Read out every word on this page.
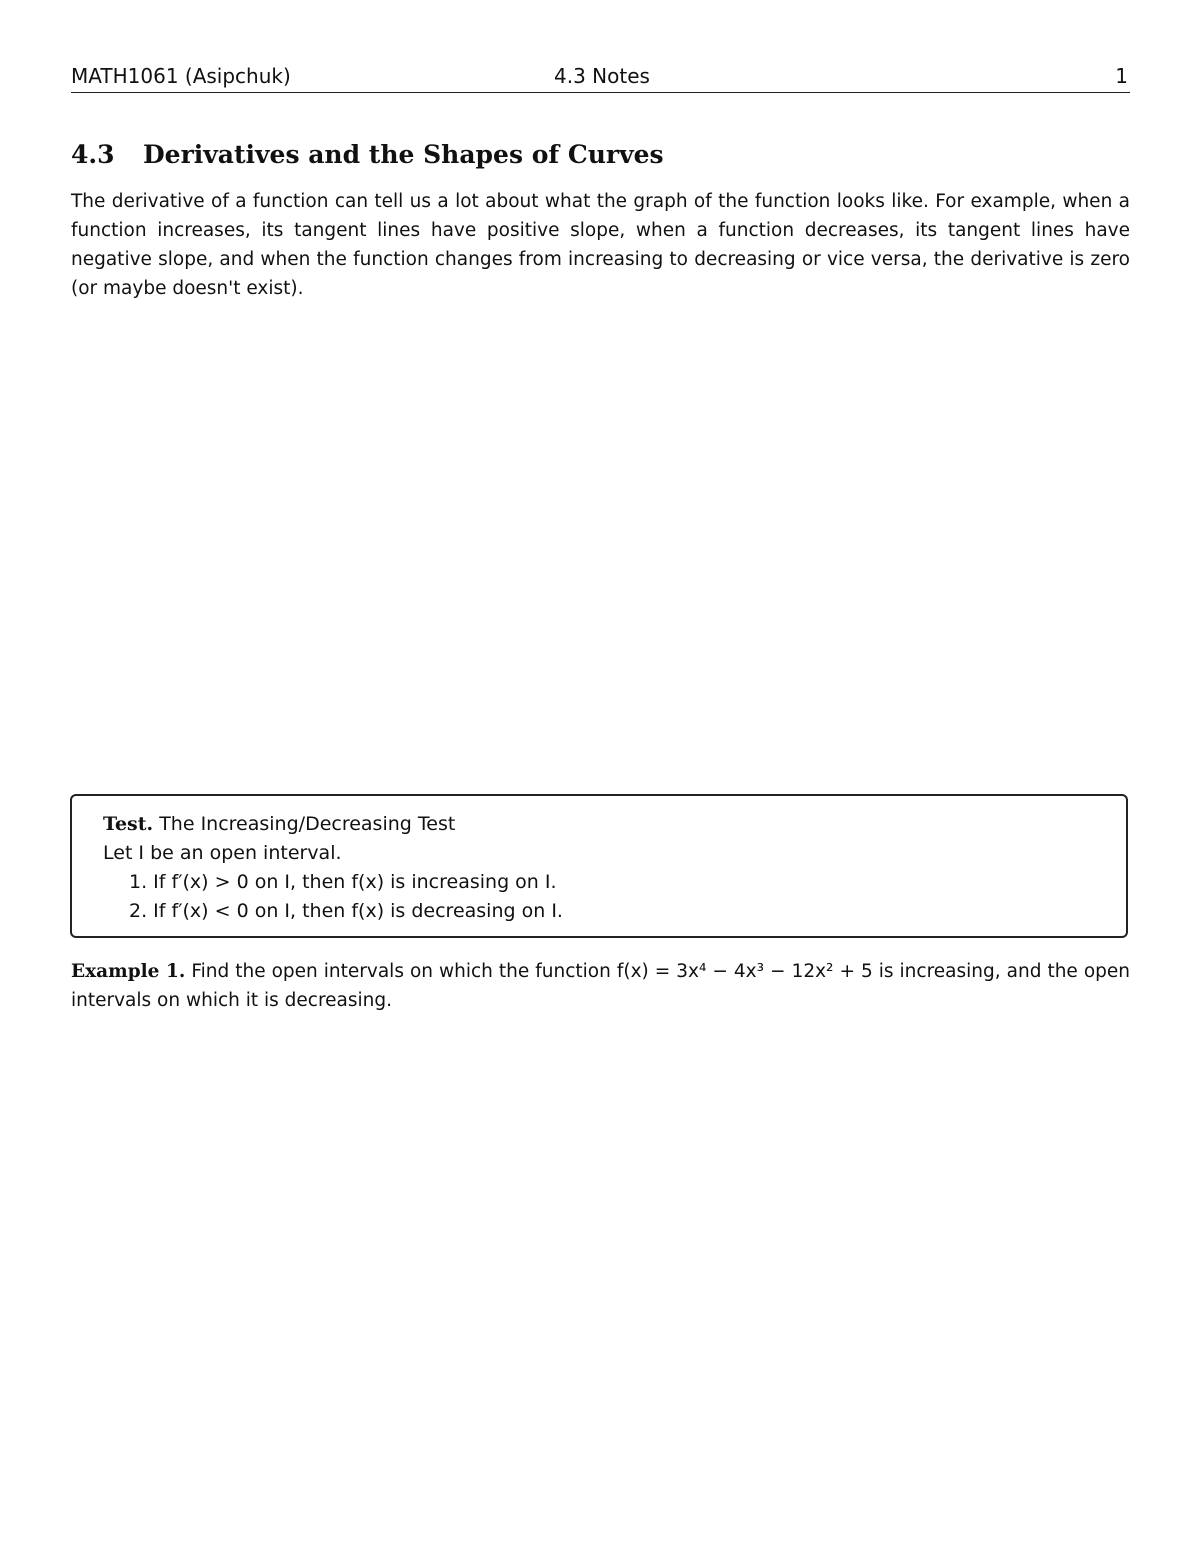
MATH1061 (Asipchuk)	4.3 Notes	1
4.3 Derivatives and the Shapes of Curves

The derivative of a function can tell us a lot about what the graph of the function looks like. For example, when a function increases, its tangent lines have positive slope, when a function decreases, its tangent lines have negative slope, and when the function changes from increasing to decreasing or vice versa, the derivative is zero (or maybe doesn't exist).

Test. The Increasing/Decreasing Test
Let I be an open interval.
1. If f′(x) > 0 on I, then f(x) is increasing on I.
2. If f′(x) < 0 on I, then f(x) is decreasing on I.

Example 1. Find the open intervals on which the function f(x) = 3x⁴ − 4x³ − 12x² + 5 is increasing, and the open intervals on which it is decreasing.
